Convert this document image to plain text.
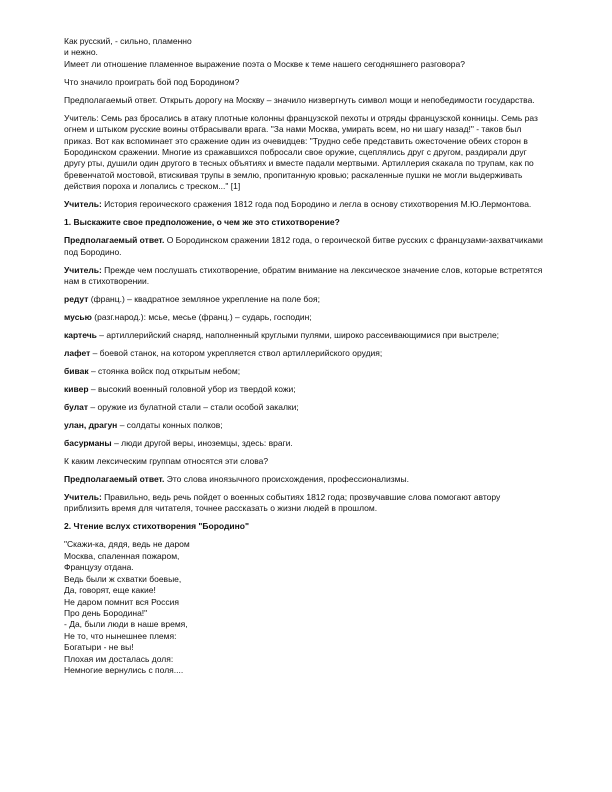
Как русский, - сильно, пламенно
и нежно.
Имеет ли отношение пламенное выражение поэта о Москве к теме нашего сегодняшнего разговора?

Что значило проиграть бой под Бородином?

Предполагаемый ответ. Открыть дорогу на Москву – значило низвергнуть символ мощи и непобедимости государства.

Учитель: Семь раз бросались в атаку плотные колонны французской пехоты и отряды французской конницы. Семь раз огнем и штыком русские воины отбрасывали врага. "За нами Москва, умирать всем, но ни шагу назад!" - таков был приказ. Вот как вспоминает это сражение один из очевидцев: "Трудно себе представить ожесточение обеих сторон в Бородинском сражении. Многие из сражавшихся побросали свое оружие, сцеплялись друг с другом, раздирали друг другу рты, душили один другого в тесных объятиях и вместе падали мертвыми. Артиллерия скакала по трупам, как по бревенчатой мостовой, втискивая трупы в землю, пропитанную кровью; раскаленные пушки не могли выдерживать действия пороха и лопались с треском..." [1]

Учитель: История героического сражения 1812 года под Бородино и легла в основу стихотворения М.Ю.Лермонтова.

1. Выскажите свое предположение, о чем же это стихотворение?

Предполагаемый ответ. О Бородинском сражении 1812 года, о героической битве русских с французами-захватчиками под Бородино.

Учитель: Прежде чем послушать стихотворение, обратим внимание на лексическое значение слов, которые встретятся нам в стихотворении.

редут (франц.) – квадратное земляное укрепление на поле боя;

мусью (разг.народ.): мсье, месье (франц.) – сударь, господин;

картечь – артиллерийский снаряд, наполненный круглыми пулями, широко рассеивающимися при выстреле;

лафет – боевой станок, на котором укрепляется ствол артиллерийского орудия;

бивак – стоянка войск под открытым небом;

кивер – высокий военный головной убор из твердой кожи;

булат – оружие из булатной стали – стали особой закалки;

улан, драгун – солдаты конных полков;

басурманы – люди другой веры, иноземцы, здесь: враги.

К каким лексическим группам относятся эти слова?

Предполагаемый ответ. Это слова иноязычного происхождения, профессионализмы.

Учитель: Правильно, ведь речь пойдет о военных событиях 1812 года; прозвучавшие слова помогают автору приблизить время для читателя, точнее рассказать о жизни людей в прошлом.

2. Чтение вслух стихотворения "Бородино"

"Скажи-ка, дядя, ведь не даром
Москва, спаленная пожаром,
Французу отдана.
Ведь были ж схватки боевые,
Да, говорят, еще какие!
Не даром помнит вся Россия
Про день Бородина!"
- Да, были люди в наше время,
Не то, что нынешнее племя:
Богатыри - не вы!
Плохая им досталась доля:
Немногие вернулись с поля....
